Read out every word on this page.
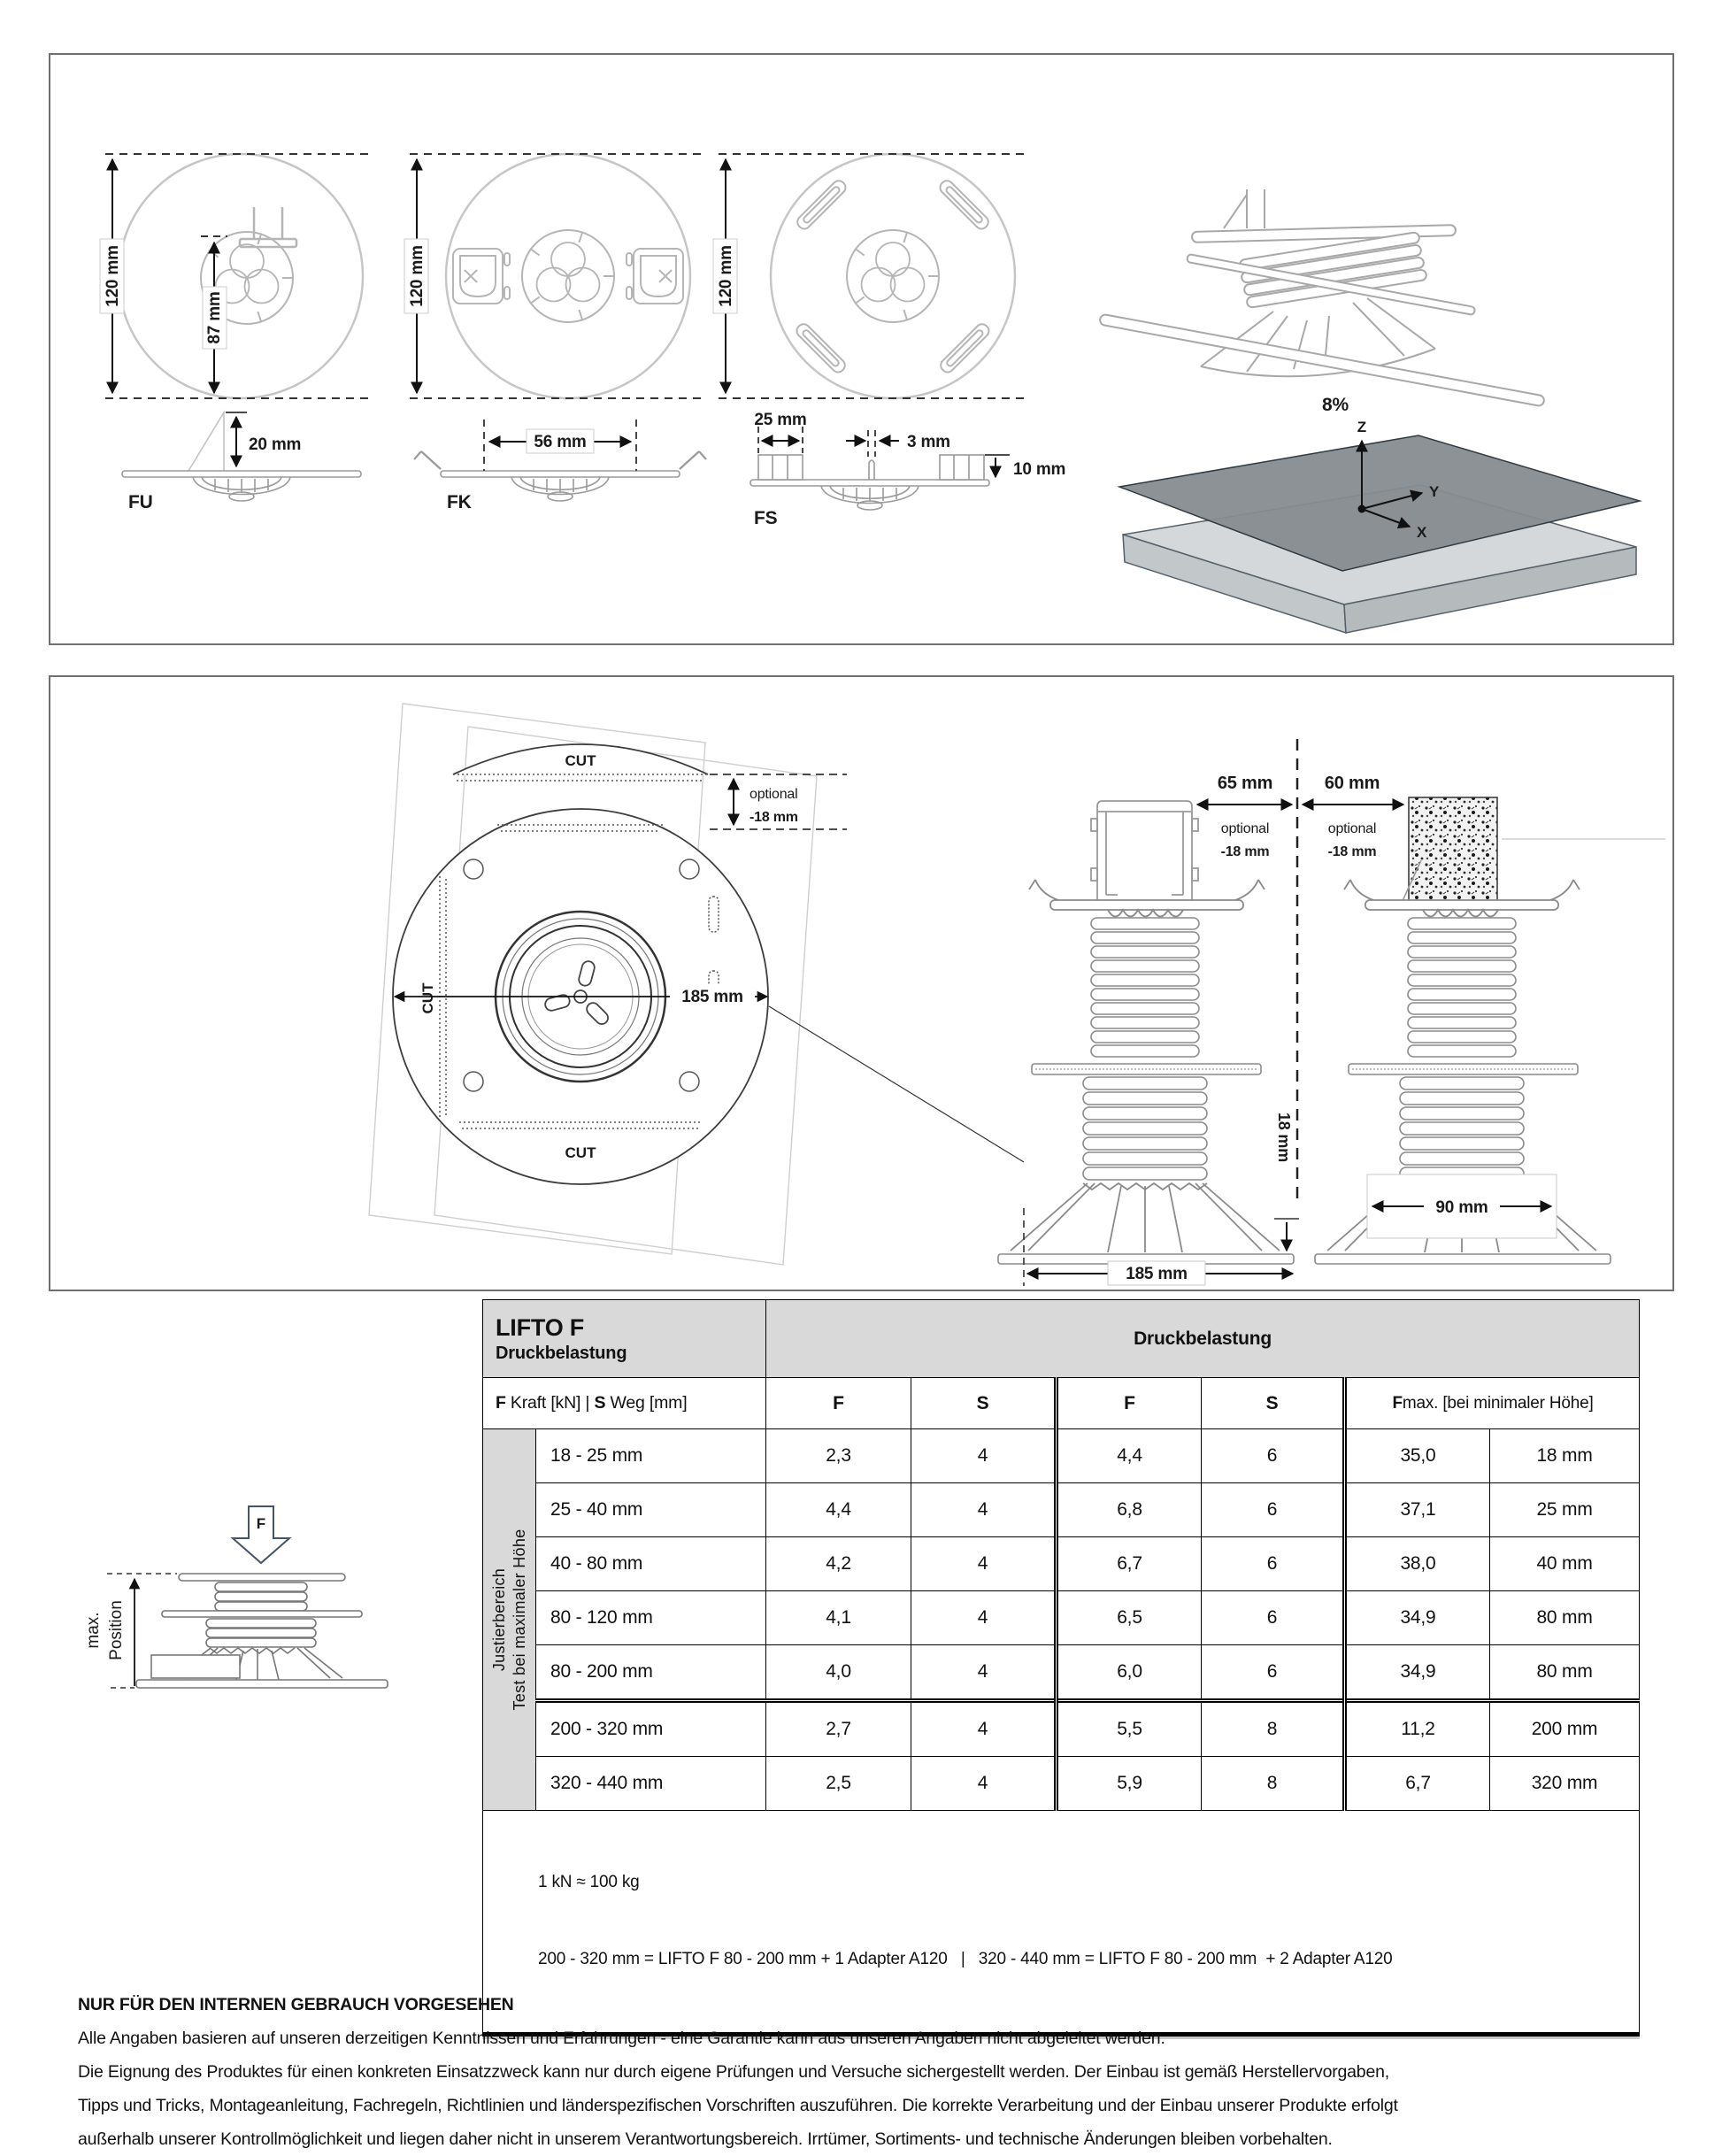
120 mm
87 mm
120 mm	120 mm
20 mm
FU
56 mm
FK
25 mm
3 mm
10 mm
FS
8%
Z
Y
X
CUT
CUT
CUT	185 mm
optional
-18 mm
18 mm
185 mm
90 mm
65 mm
optional
-18 mm
60 mm
optional
-18 mm
F
max. Position
LIFTO F
Druckbelastung		Druckbelastung					
F Kraft [kN] | S Weg [mm]		F	S	F	S	Fmax. [bei minimaler Höhe]	

Justierbereich Test bei maximaler Höhe	18 - 25 mm	2,3	4	4,4	6	35,0	18 mm
	25 - 40 mm	4,4	4	6,8	6	37,1	25 mm
	40 - 80 mm	4,2	4	6,7	6	38,0	40 mm
	80 - 120 mm	4,1	4	6,5	6	34,9	80 mm
	80 - 200 mm	4,0	4	6,0	6	34,9	80 mm
	200 - 320 mm	2,7	4	5,5	8	11,2	200 mm
	320 - 440 mm	2,5	4	5,9	8	6,7	320 mm

1 kN ≈ 100 kg

200 - 320 mm = LIFTO F 80 - 200 mm + 1 Adapter A120   |   320 - 440 mm = LIFTO F 80 - 200 mm  + 2 Adapter A120							

NUR FÜR DEN INTERNEN GEBRAUCH VORGESEHEN
Alle Angaben basieren auf unseren derzeitigen Kenntnissen und Erfahrungen - eine Garantie kann aus unseren Angaben nicht abgeleitet werden.
Die Eignung des Produktes für einen konkreten Einsatzzweck kann nur durch eigene Prüfungen und Versuche sichergestellt werden. Der Einbau ist gemäß Herstellervorgaben,
Tipps und Tricks, Montageanleitung, Fachregeln, Richtlinien und länderspezifischen Vorschriften auszuführen. Die korrekte Verarbeitung und der Einbau unserer Produkte erfolgt
außerhalb unserer Kontrollmöglichkeit und liegen daher nicht in unserem Verantwortungsbereich. Irrtümer, Sortiments- und technische Änderungen bleiben vorbehalten.
